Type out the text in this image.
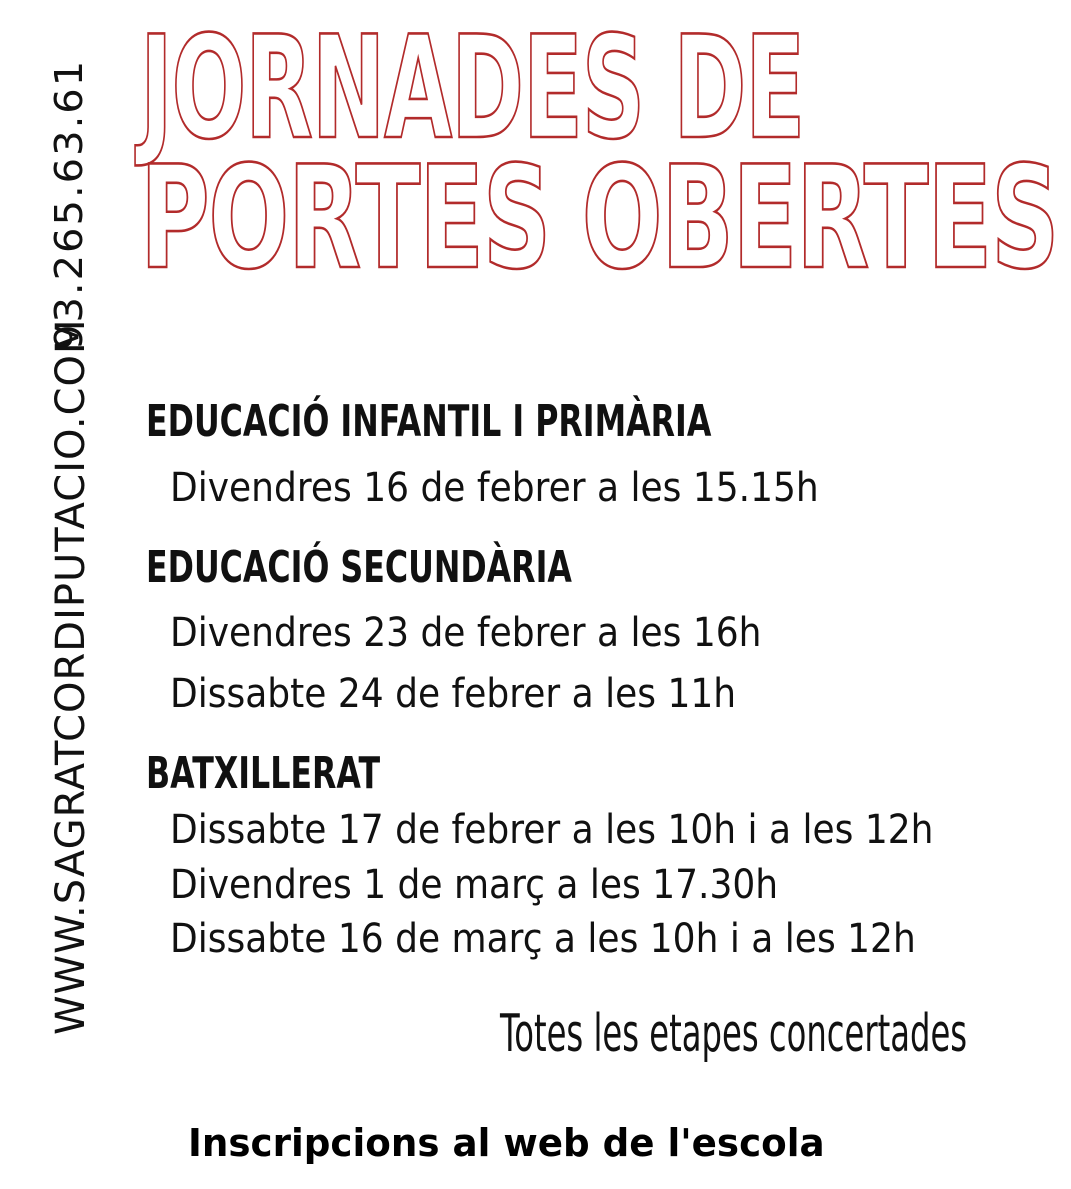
JORNADES DE
PORTES OBERTES
93.265.63.61
WWW.SAGRATCORDIPUTACIO.COM EDUCACIÓ INFANTIL I PRIMÀRIA

Divendres 16 de febrer a les 15.15h

EDUCACIÓ SECUNDÀRIA

Divendres 23 de febrer a les 16h

Dissabte 24 de febrer a les 11h

BATXILLERAT

Dissabte 17 de febrer a les 10h i a les 12h

Divendres 1 de març a les 17.30h

Dissabte 16 de març a les 10h i a les 12h

Totes les etapes concertades
Inscripcions al web de l'escola
